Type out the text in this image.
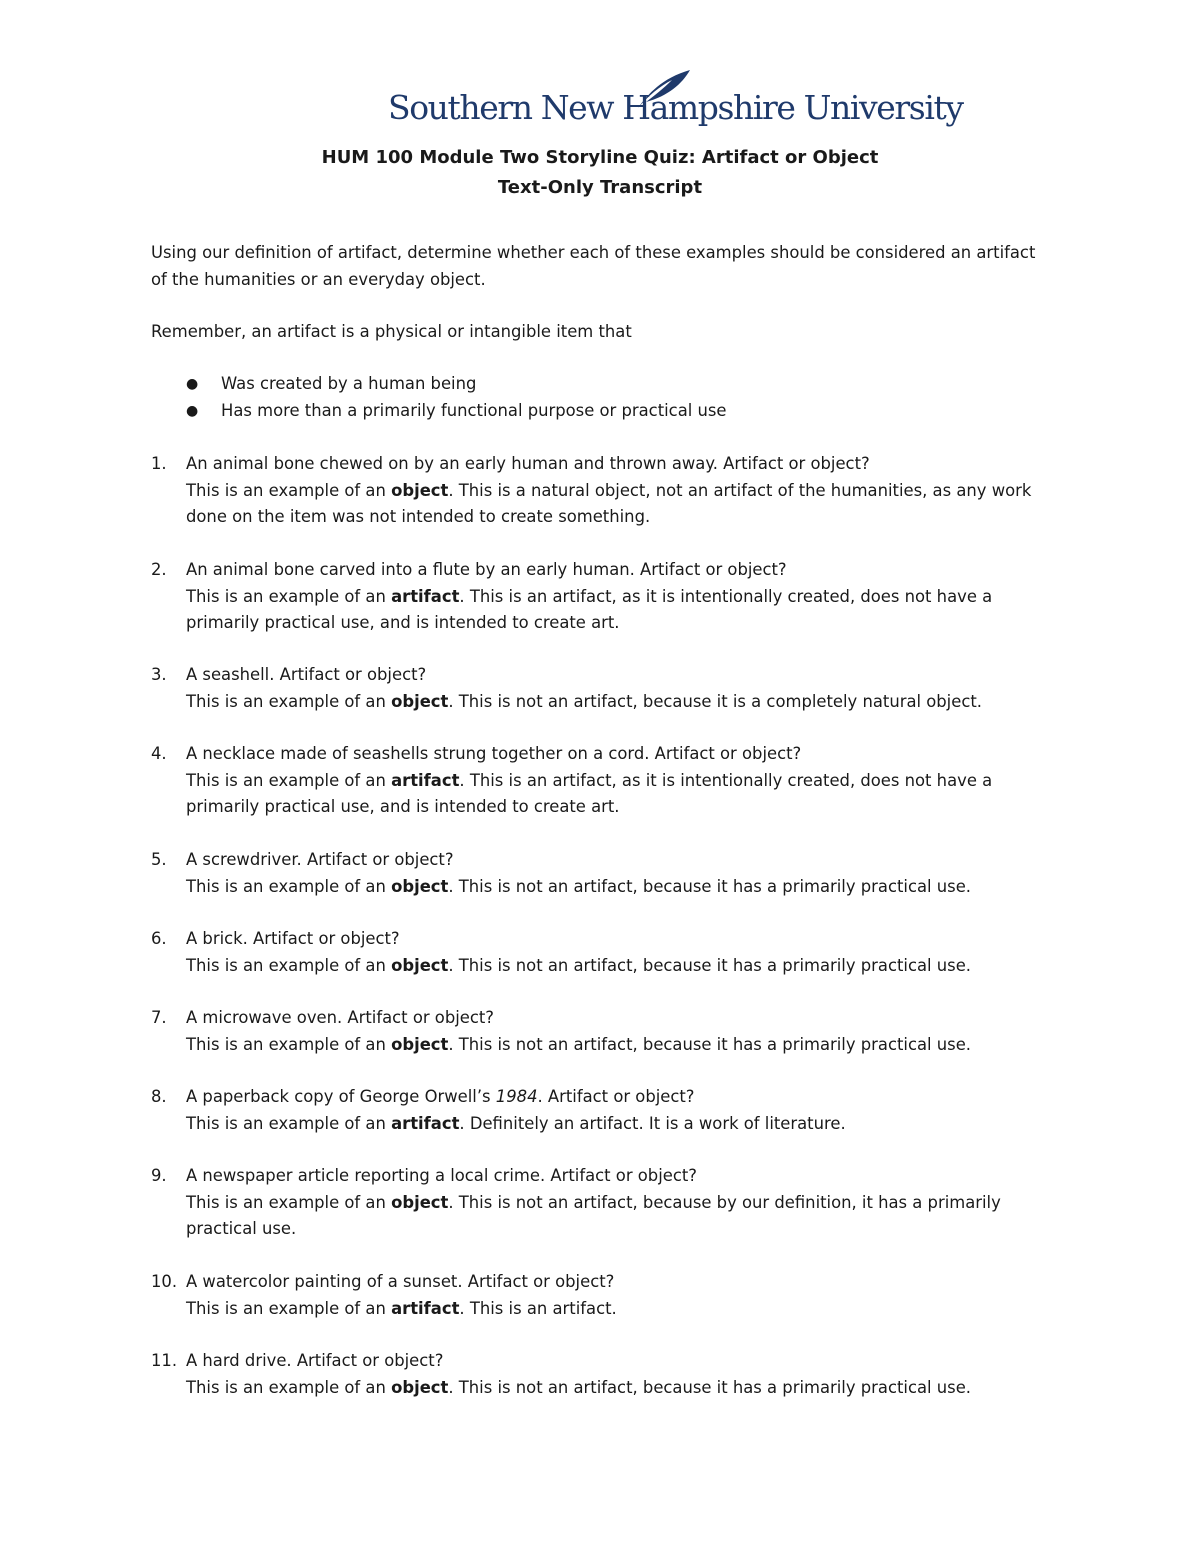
Southern New Hampshire University
HUM 100 Module Two Storyline Quiz: Artifact or Object
Text-Only Transcript
Using our definition of artifact, determine whether each of these examples should be considered an artifact of the humanities or an everyday object.
Remember, an artifact is a physical or intangible item that
● Was created by a human being
● Has more than a primarily functional purpose or practical use
1.	An animal bone chewed on by an early human and thrown away. Artifact or object?
This is an example of an object. This is a natural object, not an artifact of the humanities, as any work done on the item was not intended to create something.
2.	An animal bone carved into a flute by an early human. Artifact or object?
This is an example of an artifact. This is an artifact, as it is intentionally created, does not have a primarily practical use, and is intended to create art.
3.	A seashell. Artifact or object?
This is an example of an object. This is not an artifact, because it is a completely natural object.
4.	A necklace made of seashells strung together on a cord. Artifact or object?
This is an example of an artifact. This is an artifact, as it is intentionally created, does not have a primarily practical use, and is intended to create art.
5.	A screwdriver. Artifact or object?
This is an example of an object. This is not an artifact, because it has a primarily practical use.
6.	A brick. Artifact or object?
This is an example of an object. This is not an artifact, because it has a primarily practical use.
7.	A microwave oven. Artifact or object?
This is an example of an object. This is not an artifact, because it has a primarily practical use.
8.	A paperback copy of George Orwell’s 1984. Artifact or object?
This is an example of an artifact. Definitely an artifact. It is a work of literature.
9.	A newspaper article reporting a local crime. Artifact or object?
This is an example of an object. This is not an artifact, because by our definition, it has a primarily practical use.
10. A watercolor painting of a sunset. Artifact or object?
This is an example of an artifact. This is an artifact.
11. A hard drive. Artifact or object?
This is an example of an object. This is not an artifact, because it has a primarily practical use.
